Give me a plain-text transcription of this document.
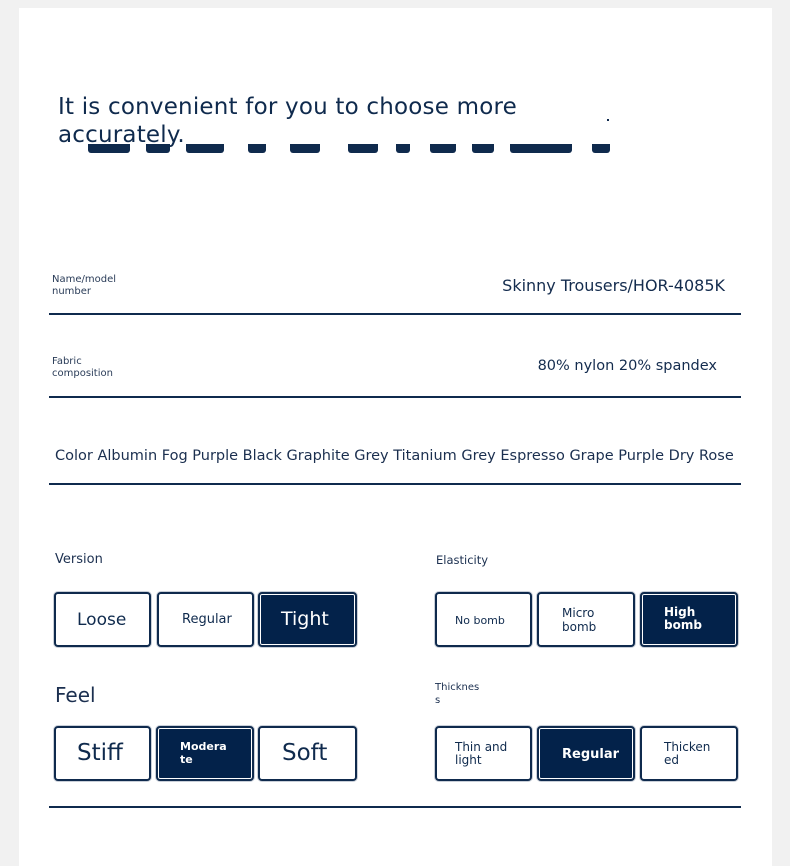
It is convenient for you to choose more accurately.
Name/model number	Skinny Trousers/HOR-4085K
Fabric composition	80% nylon 20% spandex
Color Albumin Fog Purple Black Graphite Grey Titanium Grey Espresso Grape Purple Dry Rose
Version
Loose	Regular	Tight
Elasticity
No bomb
Micro bomb
High bomb
Feel
Stiff	Moderate	Soft
Thickness
Thin and light	Regular	Thickened
